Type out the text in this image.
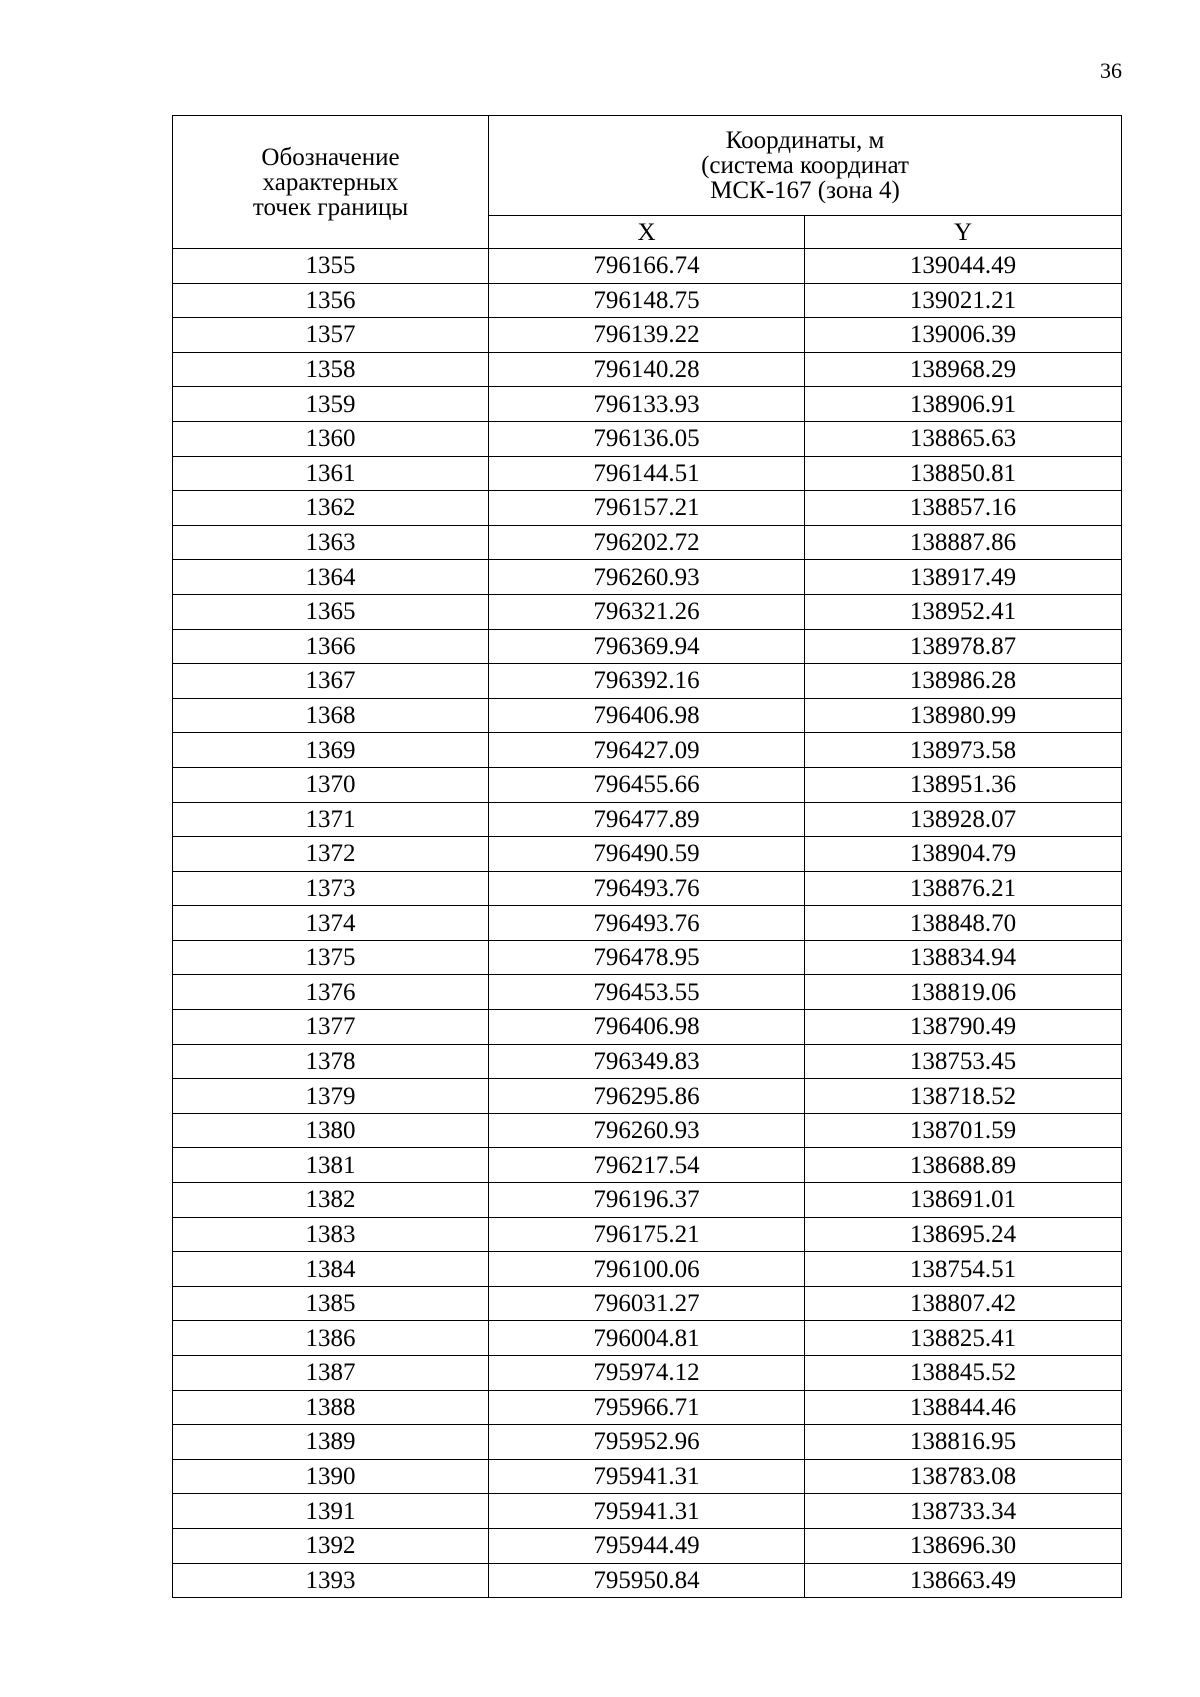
36
Обозначение
характерных
точек границы	Координаты, м
(система координат
МСК-167 (зона 4)	
	X	Y
1355	796166.74	139044.49
1356	796148.75	139021.21
1357	796139.22	139006.39
1358	796140.28	138968.29
1359	796133.93	138906.91
1360	796136.05	138865.63
1361	796144.51	138850.81
1362	796157.21	138857.16
1363	796202.72	138887.86
1364	796260.93	138917.49
1365	796321.26	138952.41
1366	796369.94	138978.87
1367	796392.16	138986.28
1368	796406.98	138980.99
1369	796427.09	138973.58
1370	796455.66	138951.36
1371	796477.89	138928.07
1372	796490.59	138904.79
1373	796493.76	138876.21
1374	796493.76	138848.70
1375	796478.95	138834.94
1376	796453.55	138819.06
1377	796406.98	138790.49
1378	796349.83	138753.45
1379	796295.86	138718.52
1380	796260.93	138701.59
1381	796217.54	138688.89
1382	796196.37	138691.01
1383	796175.21	138695.24
1384	796100.06	138754.51
1385	796031.27	138807.42
1386	796004.81	138825.41
1387	795974.12	138845.52
1388	795966.71	138844.46
1389	795952.96	138816.95
1390	795941.31	138783.08
1391	795941.31	138733.34
1392	795944.49	138696.30
1393	795950.84	138663.49
